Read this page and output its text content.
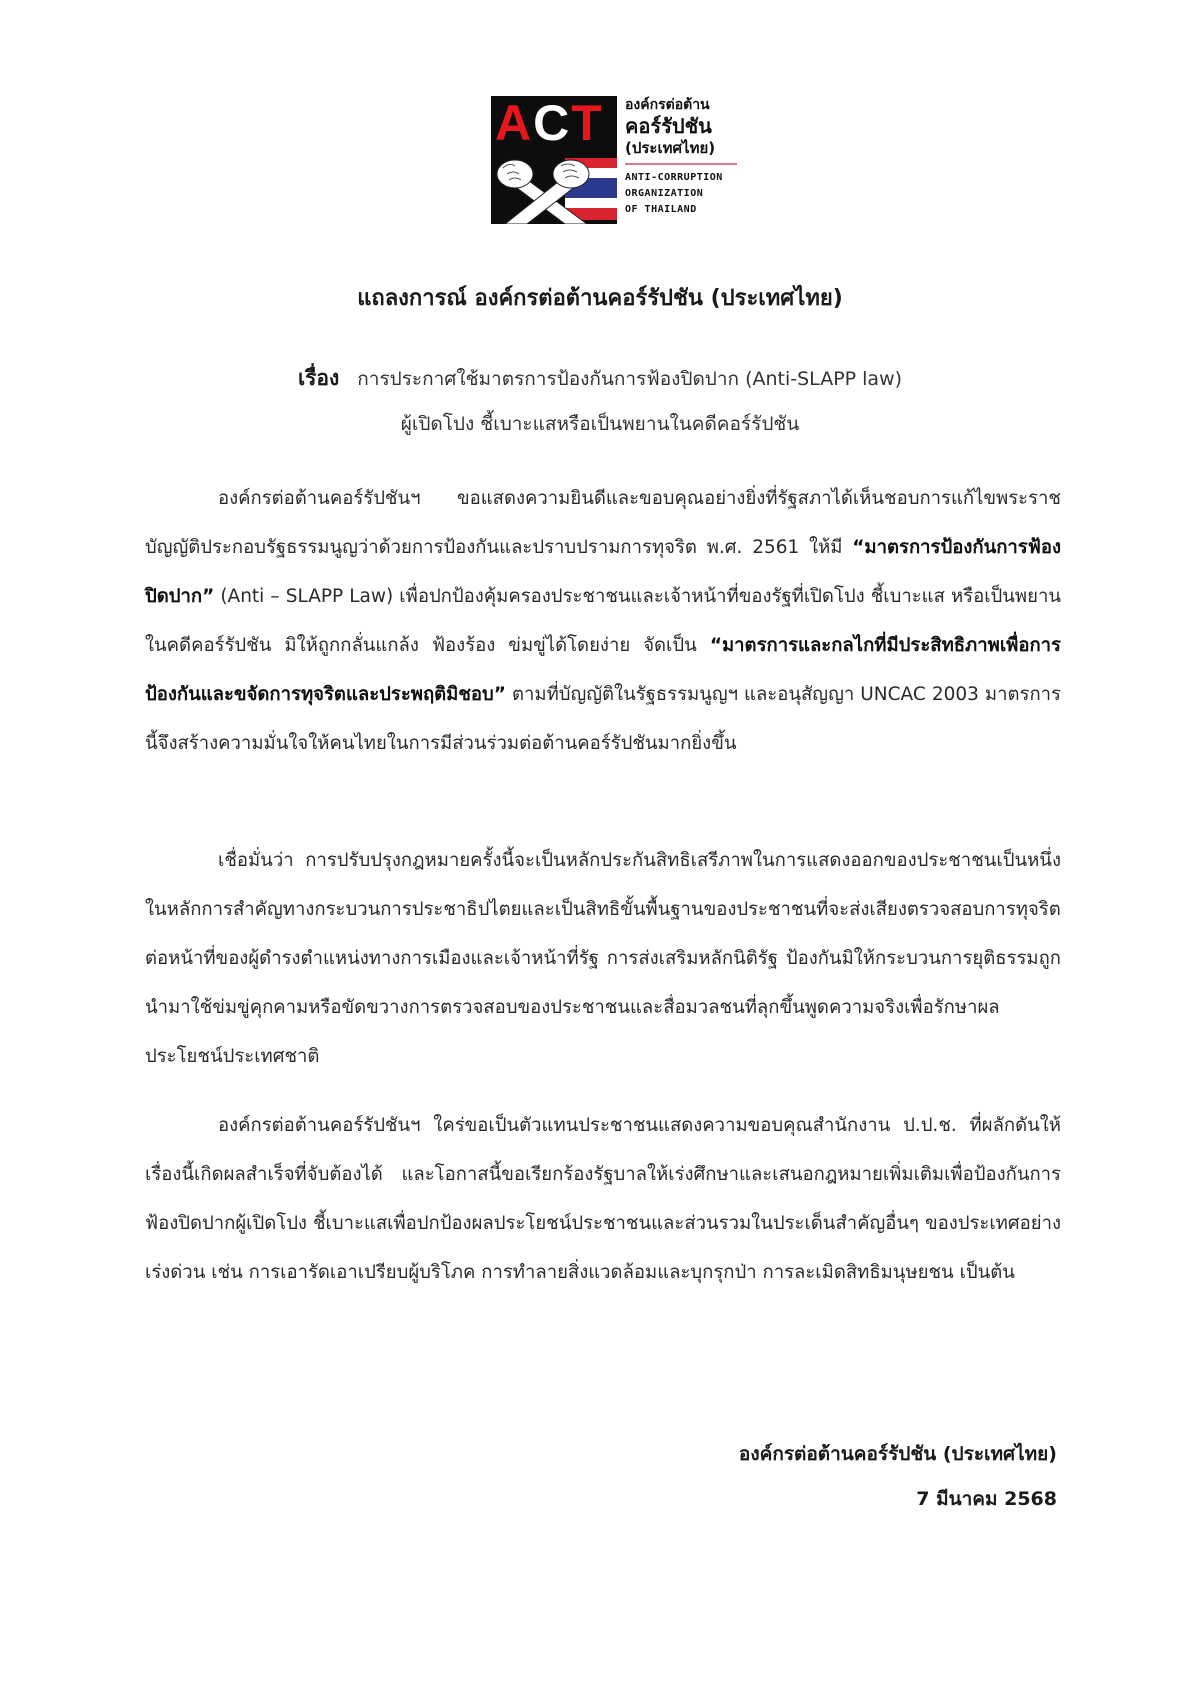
ACT	องค์กรต่อต้าน
คอร์รัปชัน
(ประเทศไทย)
ANTI-CORRUPTION
ORGANIZATION
OF THAILAND
แถลงการณ์ องค์กรต่อต้านคอร์รัปชัน (ประเทศไทย)
เรื่อง การประกาศใช้มาตรการป้องกันการฟ้องปิดปาก (Anti-SLAPP law)
ผู้เปิดโปง ชี้เบาะแสหรือเป็นพยานในคดีคอร์รัปชัน
องค์กรต่อต้านคอร์รัปชันฯ ขอแสดงความยินดีและขอบคุณอย่างยิ่งที่รัฐสภาได้เห็นชอบการแก้ไขพระราชบัญญัติประกอบรัฐธรรมนูญว่าด้วยการป้องกันและปราบปรามการทุจริต พ.ศ. 2561 ให้มี “มาตรการป้องกันการฟ้องปิดปาก” (Anti – SLAPP Law) เพื่อปกป้องคุ้มครองประชาชนและเจ้าหน้าที่ของรัฐที่เปิดโปง ชี้เบาะแส หรือเป็นพยานในคดีคอร์รัปชัน มิให้ถูกกลั่นแกล้ง ฟ้องร้อง ข่มขู่ได้โดยง่าย จัดเป็น “มาตรการและกลไกที่มีประสิทธิภาพเพื่อการป้องกันและขจัดการทุจริตและประพฤติมิชอบ” ตามที่บัญญัติในรัฐธรรมนูญฯ และอนุสัญญา UNCAC 2003 มาตรการนี้จึงสร้างความมั่นใจให้คนไทยในการมีส่วนร่วมต่อต้านคอร์รัปชันมากยิ่งขึ้น
เชื่อมั่นว่า การปรับปรุงกฎหมายครั้งนี้จะเป็นหลักประกันสิทธิเสรีภาพในการแสดงออกของประชาชนเป็นหนึ่งในหลักการสำคัญทางกระบวนการประชาธิปไตยและเป็นสิทธิขั้นพื้นฐานของประชาชนที่จะส่งเสียงตรวจสอบการทุจริตต่อหน้าที่ของผู้ดำรงตำแหน่งทางการเมืองและเจ้าหน้าที่รัฐ การส่งเสริมหลักนิติรัฐ ป้องกันมิให้กระบวนการยุติธรรมถูกนำมาใช้ข่มขู่คุกคามหรือขัดขวางการตรวจสอบของประชาชนและสื่อมวลชนที่ลุกขึ้นพูดความจริงเพื่อรักษาผลประโยชน์ประเทศชาติ
องค์กรต่อต้านคอร์รัปชันฯ ใคร่ขอเป็นตัวแทนประชาชนแสดงความขอบคุณสำนักงาน ป.ป.ช. ที่ผลักดันให้เรื่องนี้เกิดผลสำเร็จที่จับต้องได้ และโอกาสนี้ขอเรียกร้องรัฐบาลให้เร่งศึกษาและเสนอกฎหมายเพิ่มเติมเพื่อป้องกันการฟ้องปิดปากผู้เปิดโปง ชี้เบาะแสเพื่อปกป้องผลประโยชน์ประชาชนและส่วนรวมในประเด็นสำคัญอื่นๆ ของประเทศอย่างเร่งด่วน เช่น การเอารัดเอาเปรียบผู้บริโภค การทำลายสิ่งแวดล้อมและบุกรุกป่า การละเมิดสิทธิมนุษยชน เป็นต้น
องค์กรต่อต้านคอร์รัปชัน (ประเทศไทย)
7 มีนาคม 2568
